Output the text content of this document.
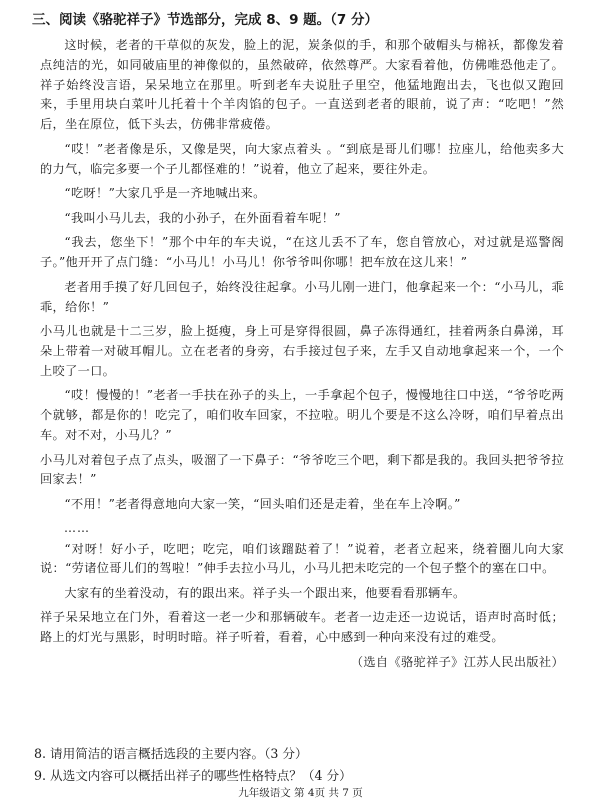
三、阅读《骆驼祥子》节选部分，完成 8、9 题。（7 分）

这时候，老者的干草似的灰发，脸上的泥，炭条似的手，和那个破帽头与棉袄，都像发着点纯洁的光，如同破庙里的神像似的，虽然破碎，依然尊严。大家看着他，仿佛唯恐他走了。祥子始终没言语，呆呆地立在那里。听到老车夫说肚子里空，他猛地跑出去，飞也似又跑回来，手里用块白菜叶儿托着十个羊肉馅的包子。一直送到老者的眼前，说了声：“吃吧！”然后，坐在原位，低下头去，仿佛非常疲倦。

“哎！”老者像是乐，又像是哭，向大家点着头 。“到底是哥儿们哪！拉座儿，给他卖多大的力气，临完多要一个子儿都怪难的！”说着，他立了起来，要往外走。

“吃呀！”大家几乎是一齐地喊出来。

“我叫小马儿去，我的小孙子，在外面看着车呢！”

“我去，您坐下！”那个中年的车夫说，“在这儿丢不了车，您自管放心，对过就是巡警阁子。”他开开了点门缝：“小马儿！小马儿！你爷爷叫你哪！把车放在这儿来！”

老者用手摸了好几回包子，始终没往起拿。小马儿刚一进门，他拿起来一个：“小马儿，乖乖，给你！”

小马儿也就是十二三岁，脸上挺瘦，身上可是穿得很圆，鼻子冻得通红，挂着两条白鼻涕，耳朵上带着一对破耳帽儿。立在老者的身旁，右手接过包子来，左手又自动地拿起来一个，一个上咬了一口。

“哎！慢慢的！”老者一手扶在孙子的头上，一手拿起个包子，慢慢地往口中送，“爷爷吃两个就够，都是你的！吃完了，咱们收车回家，不拉啦。明儿个要是不这么冷呀，咱们早着点出车。对不对，小马儿？”

小马儿对着包子点了点头，吸溜了一下鼻子：“爷爷吃三个吧，剩下都是我的。我回头把爷爷拉回家去！”

“不用！”老者得意地向大家一笑，“回头咱们还是走着，坐在车上冷啊。”

……

“对呀！好小子，吃吧；吃完，咱们该蹓跶着了！”说着，老者立起来，绕着圈儿向大家说：“劳诸位哥儿们的驾啦！”伸手去拉小马儿，小马儿把未吃完的一个包子整个的塞在口中。

大家有的坐着没动，有的跟出来。祥子头一个跟出来，他要看看那辆车。

祥子呆呆地立在门外，看着这一老一少和那辆破车。老者一边走还一边说话，语声时高时低；路上的灯光与黑影，时明时暗。祥子听着，看着，心中感到一种向来没有过的难受。

（选自《骆驼祥子》江苏人民出版社）

8. 请用简洁的语言概括选段的主要内容。（3 分）
9. 从选文内容可以概括出祥子的哪些性格特点？（4 分）
九年级语文 第 4页 共 7 页
